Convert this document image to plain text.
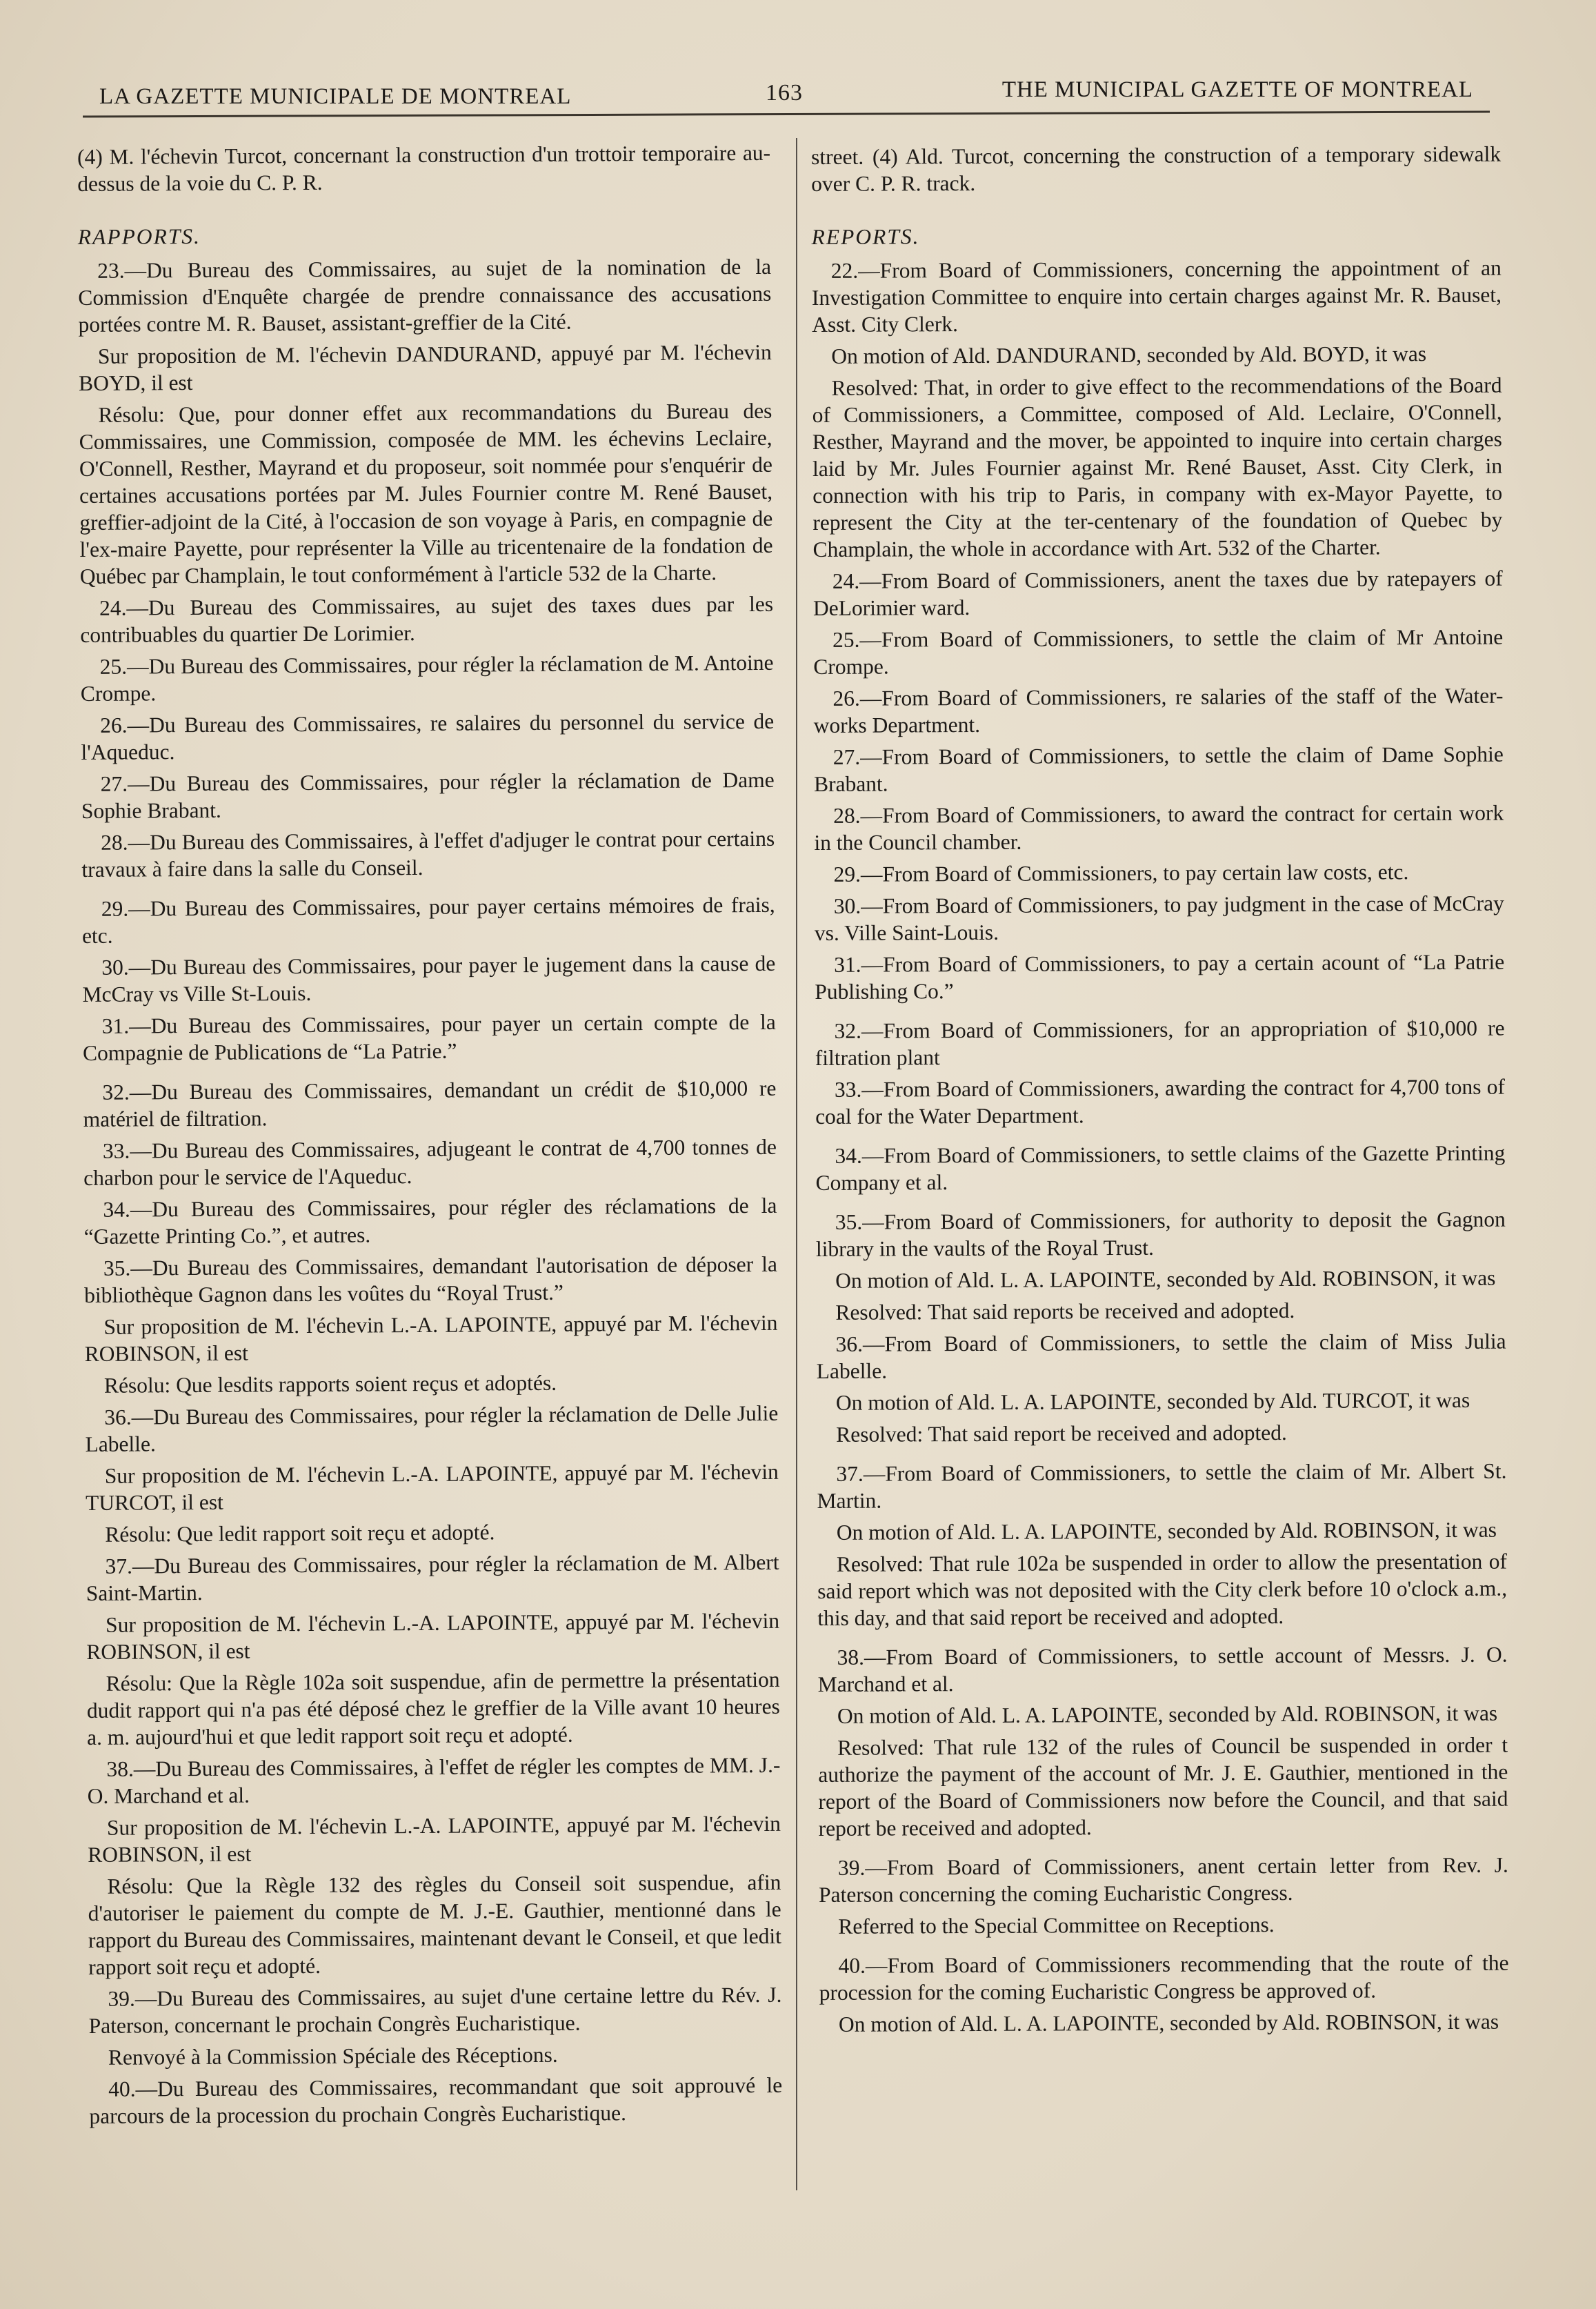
LA GAZETTE MUNICIPALE DE MONTREAL	163	THE MUNICIPAL GAZETTE OF MONTREAL

(4) M. l'échevin Turcot, concernant la construction d'un trottoir temporaire au-dessus de la voie du C. P. R.

RAPPORTS.

23.—Du Bureau des Commissaires, au sujet de la nomination de la Commission d'Enquête chargée de prendre connaissance des accusations portées contre M. R. Bauset, assistant-greffier de la Cité.

Sur proposition de M. l'échevin DANDURAND, appuyé par M. l'échevin BOYD, il est

Résolu: Que, pour donner effet aux recommandations du Bureau des Commissaires, une Commission, composée de MM. les échevins Leclaire, O'Connell, Resther, Mayrand et du proposeur, soit nommée pour s'enquérir de certaines accusations portées par M. Jules Fournier contre M. René Bauset, greffier-adjoint de la Cité, à l'occasion de son voyage à Paris, en compagnie de l'ex-maire Payette, pour représenter la Ville au tricentenaire de la fondation de Québec par Champlain, le tout conformément à l'article 532 de la Charte.

24.—Du Bureau des Commissaires, au sujet des taxes dues par les contribuables du quartier De Lorimier.

25.—Du Bureau des Commissaires, pour régler la réclamation de M. Antoine Crompe.

26.—Du Bureau des Commissaires, re salaires du personnel du service de l'Aqueduc.

27.—Du Bureau des Commissaires, pour régler la réclamation de Dame Sophie Brabant.

28.—Du Bureau des Commissaires, à l'effet d'adjuger le contrat pour certains travaux à faire dans la salle du Conseil.

29.—Du Bureau des Commissaires, pour payer certains mémoires de frais, etc.

30.—Du Bureau des Commissaires, pour payer le jugement dans la cause de McCray vs Ville St-Louis.

31.—Du Bureau des Commissaires, pour payer un certain compte de la Compagnie de Publications de “La Patrie.”

32.—Du Bureau des Commissaires, demandant un crédit de $10,000 re matériel de filtration.

33.—Du Bureau des Commissaires, adjugeant le contrat de 4,700 tonnes de charbon pour le service de l'Aqueduc.

34.—Du Bureau des Commissaires, pour régler des réclamations de la “Gazette Printing Co.”, et autres.

35.—Du Bureau des Commissaires, demandant l'autorisation de déposer la bibliothèque Gagnon dans les voûtes du “Royal Trust.”

Sur proposition de M. l'échevin L.-A. LAPOINTE, appuyé par M. l'échevin ROBINSON, il est

Résolu: Que lesdits rapports soient reçus et adoptés.

36.—Du Bureau des Commissaires, pour régler la réclamation de Delle Julie Labelle.

Sur proposition de M. l'échevin L.-A. LAPOINTE, appuyé par M. l'échevin TURCOT, il est

Résolu: Que ledit rapport soit reçu et adopté.

37.—Du Bureau des Commissaires, pour régler la réclamation de M. Albert Saint-Martin.

Sur proposition de M. l'échevin L.-A. LAPOINTE, appuyé par M. l'échevin ROBINSON, il est

Résolu: Que la Règle 102a soit suspendue, afin de permettre la présentation dudit rapport qui n'a pas été déposé chez le greffier de la Ville avant 10 heures a. m. aujourd'hui et que ledit rapport soit reçu et adopté.

38.—Du Bureau des Commissaires, à l'effet de régler les comptes de MM. J.-O. Marchand et al.

Sur proposition de M. l'échevin L.-A. LAPOINTE, appuyé par M. l'échevin ROBINSON, il est

Résolu: Que la Règle 132 des règles du Conseil soit suspendue, afin d'autoriser le paiement du compte de M. J.-E. Gauthier, mentionné dans le rapport du Bureau des Commissaires, maintenant devant le Conseil, et que ledit rapport soit reçu et adopté.

39.—Du Bureau des Commissaires, au sujet d'une certaine lettre du Rév. J. Paterson, concernant le prochain Congrès Eucharistique.

Renvoyé à la Commission Spéciale des Réceptions.

40.—Du Bureau des Commissaires, recommandant que soit approuvé le parcours de la procession du prochain Congrès Eucharistique.

street. (4) Ald. Turcot, concerning the construction of a temporary sidewalk over C. P. R. track.

REPORTS.

22.—From Board of Commissioners, concerning the appointment of an Investigation Committee to enquire into certain charges against Mr. R. Bauset, Asst. City Clerk.

On motion of Ald. DANDURAND, seconded by Ald. BOYD, it was

Resolved: That, in order to give effect to the recommendations of the Board of Commissioners, a Committee, composed of Ald. Leclaire, O'Connell, Resther, Mayrand and the mover, be appointed to inquire into certain charges laid by Mr. Jules Fournier against Mr. René Bauset, Asst. City Clerk, in connection with his trip to Paris, in company with ex-Mayor Payette, to represent the City at the ter-centenary of the foundation of Quebec by Champlain, the whole in accordance with Art. 532 of the Charter.

24.—From Board of Commissioners, anent the taxes due by ratepayers of DeLorimier ward.

25.—From Board of Commissioners, to settle the claim of Mr Antoine Crompe.

26.—From Board of Commissioners, re salaries of the staff of the Water-works Department.

27.—From Board of Commissioners, to settle the claim of Dame Sophie Brabant.

28.—From Board of Commissioners, to award the contract for certain work in the Council chamber.

29.—From Board of Commissioners, to pay certain law costs, etc.

30.—From Board of Commissioners, to pay judgment in the case of McCray vs. Ville Saint-Louis.

31.—From Board of Commissioners, to pay a certain acount of “La Patrie Publishing Co.”

32.—From Board of Commissioners, for an appropriation of $10,000 re filtration plant

33.—From Board of Commissioners, awarding the contract for 4,700 tons of coal for the Water Department.

34.—From Board of Commissioners, to settle claims of the Gazette Printing Company et al.

35.—From Board of Commissioners, for authority to deposit the Gagnon library in the vaults of the Royal Trust.

On motion of Ald. L. A. LAPOINTE, seconded by Ald. ROBINSON, it was

Resolved: That said reports be received and adopted.

36.—From Board of Commissioners, to settle the claim of Miss Julia Labelle.

On motion of Ald. L. A. LAPOINTE, seconded by Ald. TURCOT, it was

Resolved: That said report be received and adopted.

37.—From Board of Commissioners, to settle the claim of Mr. Albert St. Martin.

On motion of Ald. L. A. LAPOINTE, seconded by Ald. ROBINSON, it was

Resolved: That rule 102a be suspended in order to allow the presentation of said report which was not deposited with the City clerk before 10 o'clock a.m., this day, and that said report be received and adopted.

38.—From Board of Commissioners, to settle account of Messrs. J. O. Marchand et al.

On motion of Ald. L. A. LAPOINTE, seconded by Ald. ROBINSON, it was

Resolved: That rule 132 of the rules of Council be suspended in order t authorize the payment of the account of Mr. J. E. Gauthier, mentioned in the report of the Board of Commissioners now before the Council, and that said report be received and adopted.

39.—From Board of Commissioners, anent certain letter from Rev. J. Paterson concerning the coming Eucharistic Congress.

Referred to the Special Committee on Receptions.

40.—From Board of Commissioners recommending that the route of the procession for the coming Eucharistic Congress be approved of.

On motion of Ald. L. A. LAPOINTE, seconded by Ald. ROBINSON, it was
